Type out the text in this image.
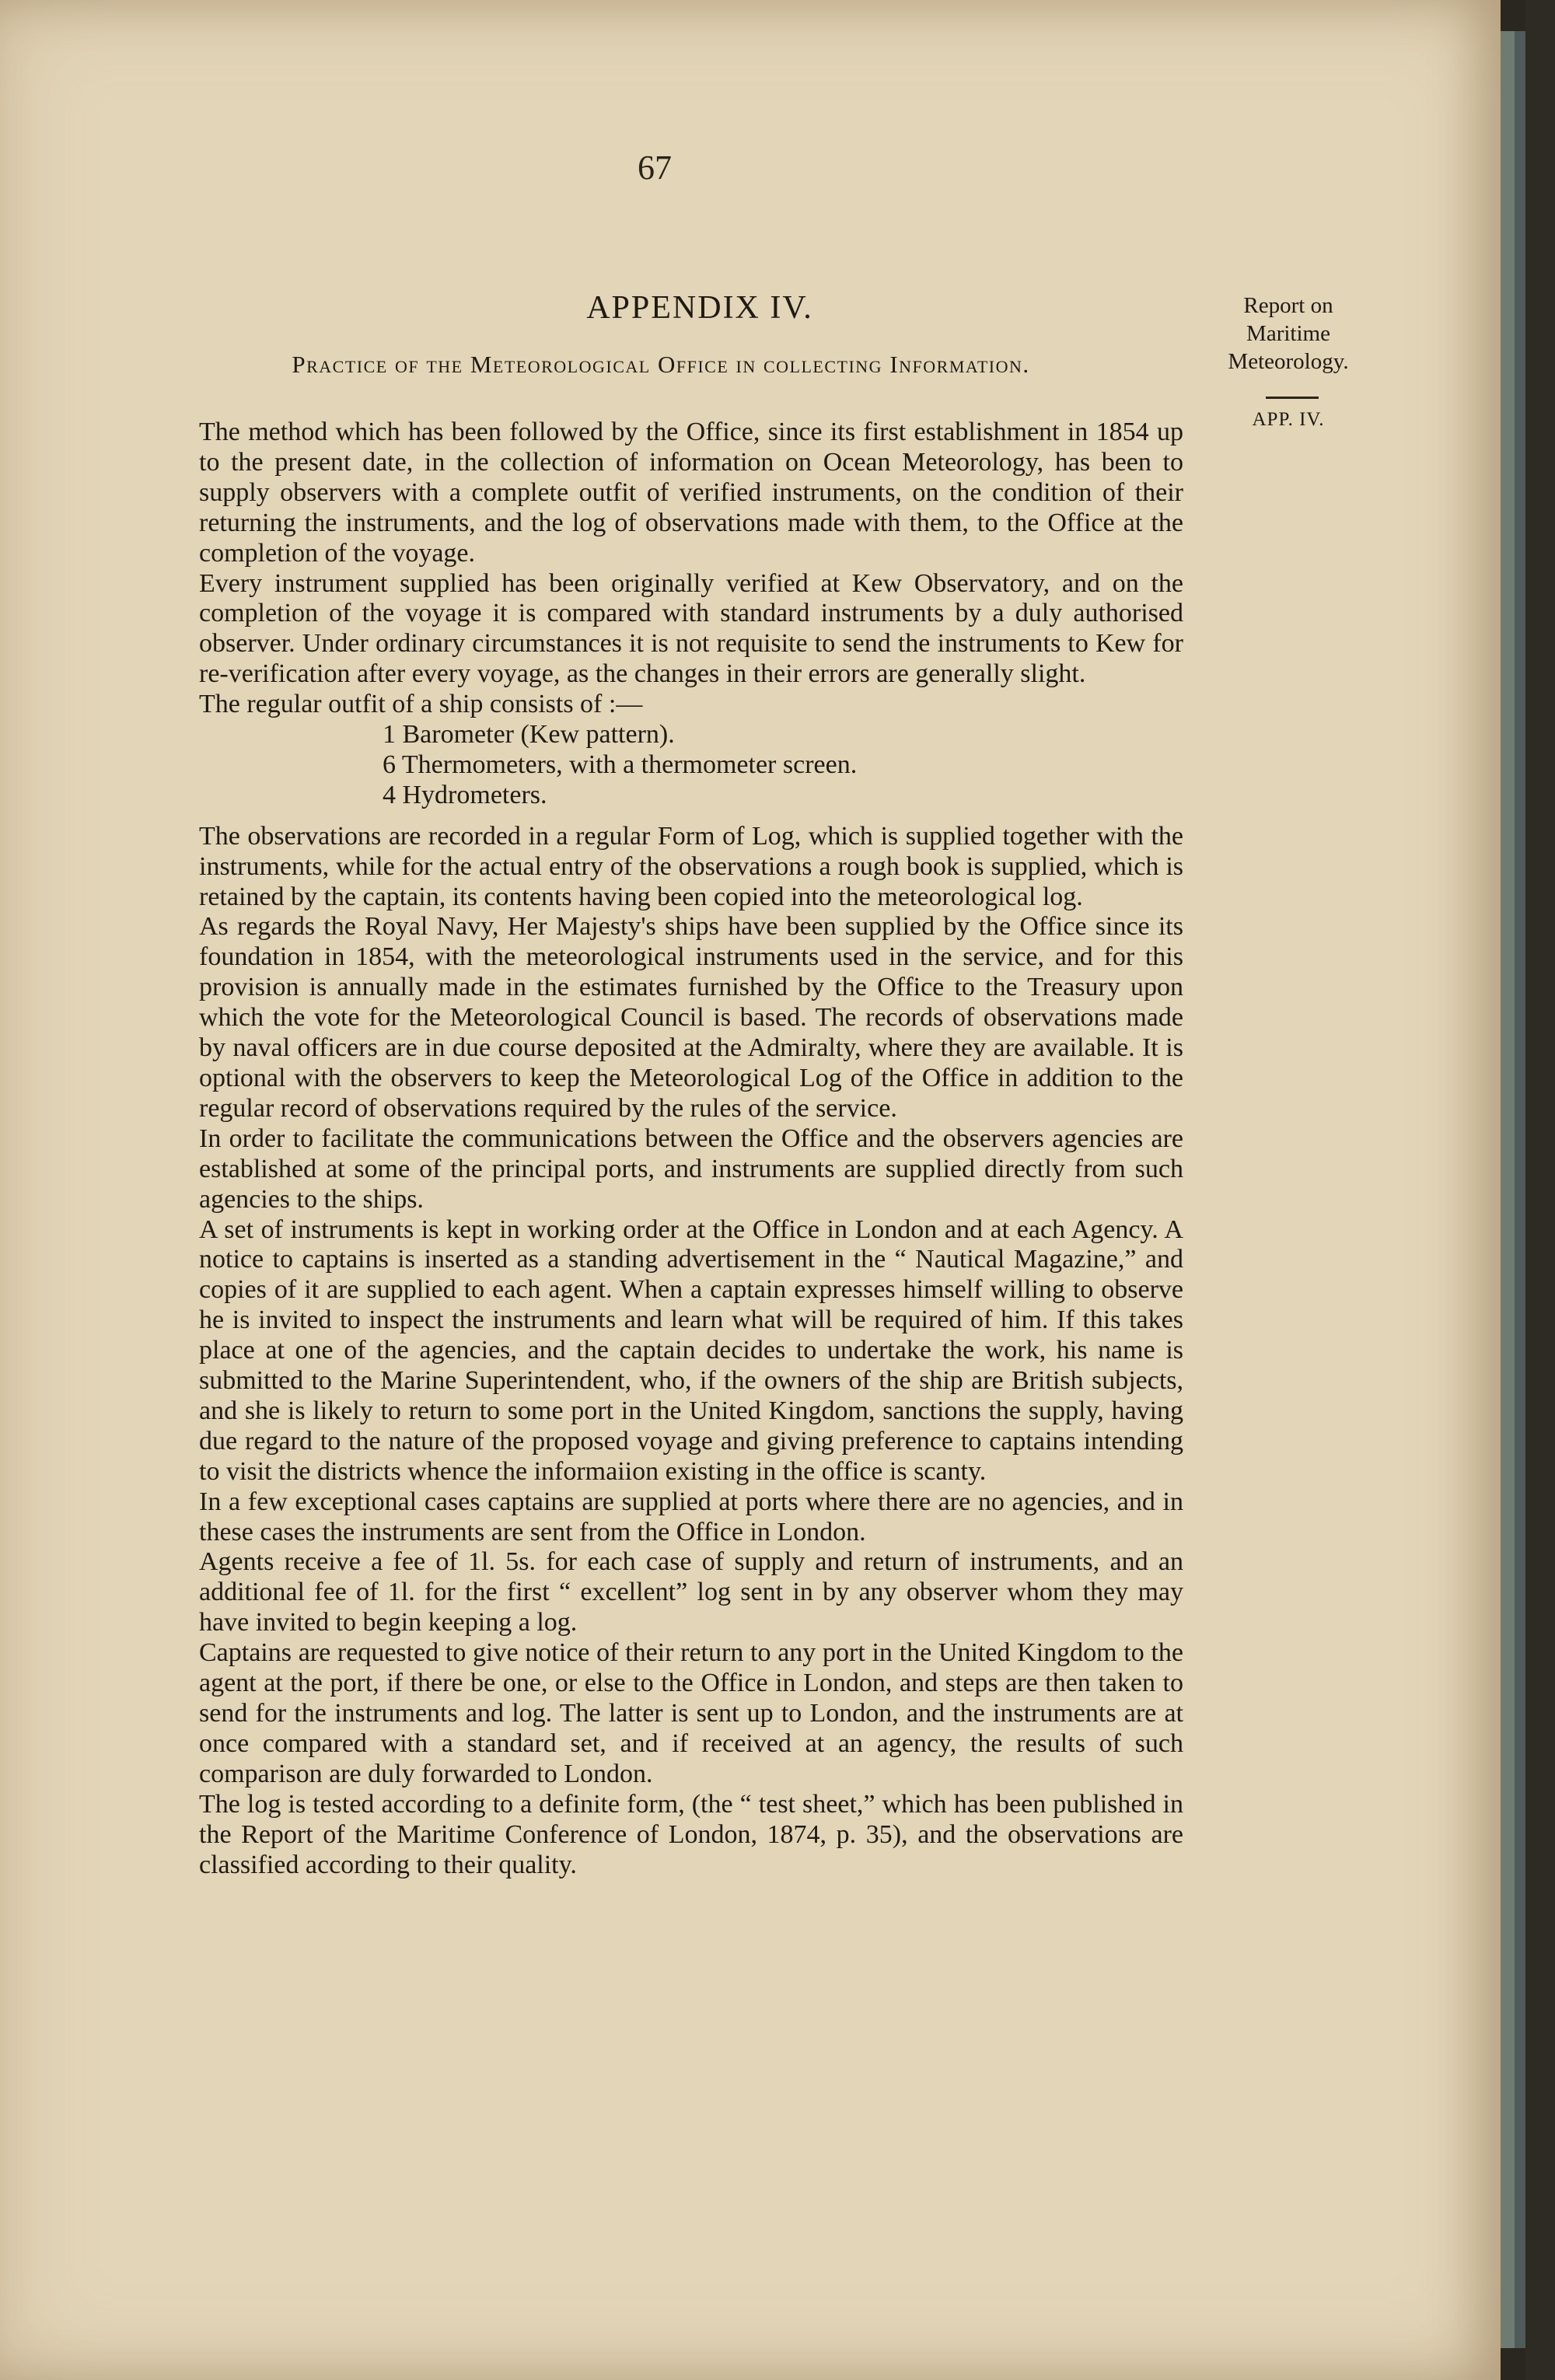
67
APPENDIX IV.
Practice of the Meteorological Office in collecting Information.
Report on
Maritime
Meteorology.
APP. IV.

The method which has been followed by the Office, since its first establishment in 1854 up to the present date, in the collection of information on Ocean Meteorology, has been to supply observers with a complete outfit of verified instruments, on the condition of their returning the instruments, and the log of observations made with them, to the Office at the completion of the voyage.

Every instrument supplied has been originally verified at Kew Observatory, and on the completion of the voyage it is compared with standard instruments by a duly authorised observer. Under ordinary circumstances it is not requisite to send the instruments to Kew for re-verification after every voyage, as the changes in their errors are generally slight.

The regular outfit of a ship consists of :—

1 Barometer (Kew pattern).
6 Thermometers, with a thermometer screen.
4 Hydrometers.

The observations are recorded in a regular Form of Log, which is supplied together with the instruments, while for the actual entry of the observations a rough book is supplied, which is retained by the captain, its contents having been copied into the meteorological log.

As regards the Royal Navy, Her Majesty's ships have been supplied by the Office since its foundation in 1854, with the meteorological instruments used in the service, and for this provision is annually made in the estimates furnished by the Office to the Treasury upon which the vote for the Meteorological Council is based. The records of observations made by naval officers are in due course deposited at the Admiralty, where they are available. It is optional with the observers to keep the Meteorological Log of the Office in addition to the regular record of observations required by the rules of the service.

In order to facilitate the communications between the Office and the observers agencies are established at some of the principal ports, and instruments are supplied directly from such agencies to the ships.

A set of instruments is kept in working order at the Office in London and at each Agency. A notice to captains is inserted as a standing advertisement in the “ Nautical Magazine,” and copies of it are supplied to each agent. When a captain expresses himself willing to observe he is invited to inspect the instruments and learn what will be required of him. If this takes place at one of the agencies, and the captain decides to undertake the work, his name is submitted to the Marine Superintendent, who, if the owners of the ship are British subjects, and she is likely to return to some port in the United Kingdom, sanctions the supply, having due regard to the nature of the proposed voyage and giving preference to captains intending to visit the districts whence the informaiion existing in the office is scanty.

In a few exceptional cases captains are supplied at ports where there are no agencies, and in these cases the instruments are sent from the Office in London.

Agents receive a fee of 1l. 5s. for each case of supply and return of instruments, and an additional fee of 1l. for the first “ excellent” log sent in by any observer whom they may have invited to begin keeping a log.

Captains are requested to give notice of their return to any port in the United Kingdom to the agent at the port, if there be one, or else to the Office in London, and steps are then taken to send for the instruments and log. The latter is sent up to London, and the instruments are at once compared with a standard set, and if received at an agency, the results of such comparison are duly forwarded to London.

The log is tested according to a definite form, (the “ test sheet,” which has been published in the Report of the Maritime Conference of London, 1874, p. 35), and the observations are classified according to their quality.
